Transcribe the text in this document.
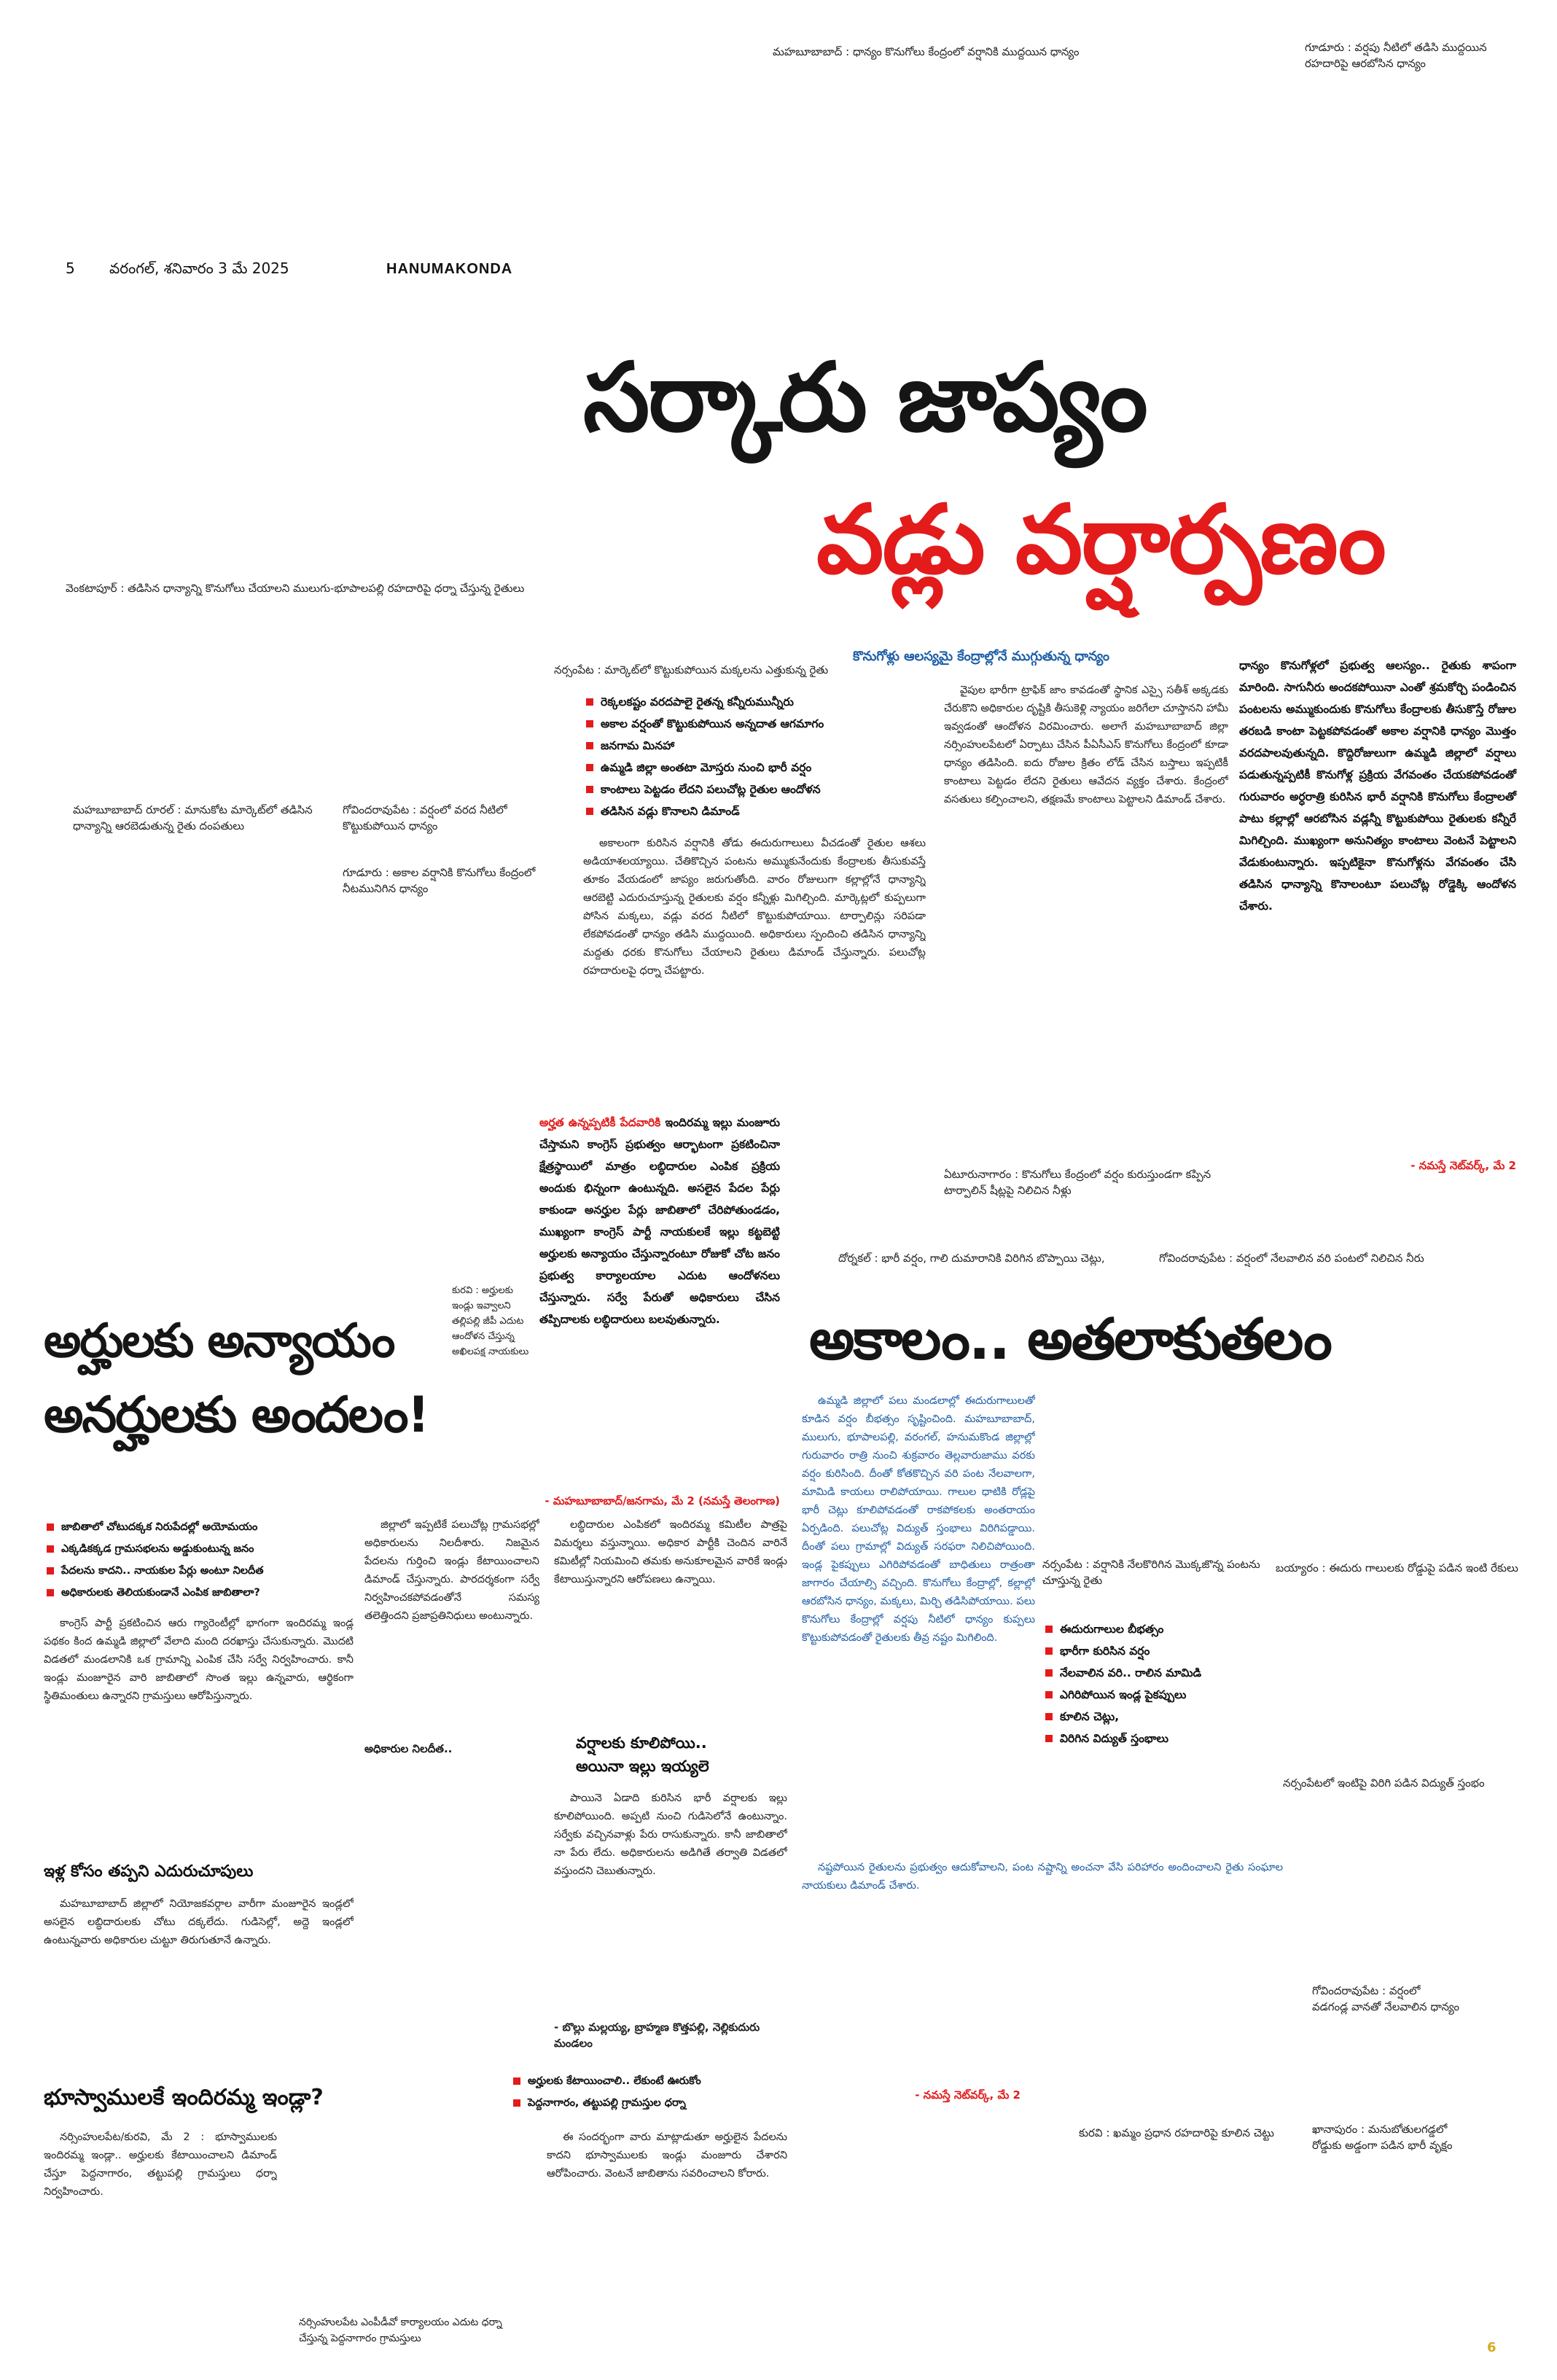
మహబూబాబాద్ : ధాన్యం కొనుగోలు కేంద్రంలో వర్షానికి ముద్దయిన ధాన్యం	గూడూరు : వర్షపు నీటిలో తడిసి ముద్దయిన
రహదారిపై ఆరబోసిన ధాన్యం
5 వరంగల్‌, శనివారం 3 మే 2025	HANUMAKONDA
సర్కారు జాప్యం
వడ్లు వర్షార్పణం
వెంకటాపూర్‌ : తడిసిన ధాన్యాన్ని కొనుగోలు చేయాలని ములుగు-భూపాలపల్లి రహదారిపై ధర్నా చేస్తున్న రైతులు
కొనుగోళ్లు ఆలస్యమై కేంద్రాల్లోనే ముగ్గుతున్న ధాన్యం
నర్సంపేట : మార్కెట్‌లో కొట్టుకుపోయిన మక్కలను ఎత్తుకున్న రైతు
రెక్కలకష్టం వరదపాలై రైతన్న కన్నీరుమున్నీరు
అకాల వర్షంతో కొట్టుకుపోయిన అన్నదాత ఆగమాగం
జనగామ మినహా
ఉమ్మడి జిల్లా అంతటా మోస్తరు నుంచి భారీ వర్షం
కాంటాలు పెట్టడం లేదని పలుచోట్ల రైతుల ఆందోళన
తడిసిన వడ్లు కొనాలని డిమాండ్‌
మహబూబాబాద్‌ రూరల్‌ : మానుకోట మార్కెట్‌లో తడిసిన ధాన్యాన్ని ఆరబెడుతున్న రైతు దంపతులు
గోవిందరావుపేట : వర్షంలో వరద నీటిలో కొట్టుకుపోయిన ధాన్యం
గూడూరు : అకాల వర్షానికి కొనుగోలు కేంద్రంలో నీటమునిగిన ధాన్యం

అకాలంగా కురిసిన వర్షానికి తోడు ఈదురుగాలులు వీచడంతో రైతుల ఆశలు అడియాశలయ్యాయి. చేతికొచ్చిన పంటను అమ్ముకునేందుకు కేంద్రాలకు తీసుకువస్తే తూకం వేయడంలో జాప్యం జరుగుతోంది. వారం రోజులుగా కల్లాల్లోనే ధాన్యాన్ని ఆరబెట్టి ఎదురుచూస్తున్న రైతులకు వర్షం కన్నీళ్లు మిగిల్చింది. మార్కెట్లలో కుప్పలుగా పోసిన మక్కలు, వడ్లు వరద నీటిలో కొట్టుకుపోయాయి. టార్పాలిన్లు సరిపడా లేకపోవడంతో ధాన్యం తడిసి ముద్దయింది. అధికారులు స్పందించి తడిసిన ధాన్యాన్ని మద్దతు ధరకు కొనుగోలు చేయాలని రైతులు డిమాండ్‌ చేస్తున్నారు. పలుచోట్ల రహదారులపై ధర్నా చేపట్టారు.

వైపుల భారీగా ట్రాఫిక్‌ జాం కావడంతో స్థానిక ఎస్సై సతీశ్‌ అక్కడకు చేరుకొని అధికారుల దృష్టికి తీసుకెళ్లి న్యాయం జరిగేలా చూస్తానని హామీ ఇవ్వడంతో ఆందోళన విరమించారు. అలాగే మహబూబాబాద్‌ జిల్లా నర్సింహులపేటలో ఏర్పాటు చేసిన పీఏసీఎస్‌ కొనుగోలు కేంద్రంలో కూడా ధాన్యం తడిసింది. ఐదు రోజుల క్రితం లోడ్‌ చేసిన బస్తాలు ఇప్పటికీ కాంటాలు పెట్టడం లేదని రైతులు ఆవేదన వ్యక్తం చేశారు. కేంద్రంలో వసతులు కల్పించాలని, తక్షణమే కాంటాలు పెట్టాలని డిమాండ్‌ చేశారు.

ఏటూరునాగారం : కొనుగోలు కేంద్రంలో వర్షం కురుస్తుండగా కప్పిన టార్పాలిన్‌ షీట్లపై నిలిచిన నీళ్లు
ధాన్యం కొనుగోళ్లలో ప్రభుత్వ ఆలస్యం.. రైతుకు శాపంగా మారింది. సాగునీరు అందకపోయినా ఎంతో శ్రమకోర్చి పండించిన పంటలను అమ్ముకుందుకు కొనుగోలు కేంద్రాలకు తీసుకొస్తే రోజుల తరబడి కాంటా పెట్టకపోవడంతో అకాల వర్షానికి ధాన్యం మొత్తం వరదపాలవుతున్నది. కొద్దిరోజులుగా ఉమ్మడి జిల్లాలో వర్షాలు పడుతున్నప్పటికీ కొనుగోళ్ల ప్రక్రియ వేగవంతం చేయకపోవడంతో గురువారం అర్ధరాత్రి కురిసిన భారీ వర్షానికి కొనుగోలు కేంద్రాలతో పాటు కల్లాల్లో ఆరబోసిన వడ్లన్నీ కొట్టుకుపోయి రైతులకు కన్నీరే మిగిల్చింది. ముఖ్యంగా అనునిత్యం కాంటాలు వెంటనే పెట్టాలని వేడుకుంటున్నారు. ఇప్పటికైనా కొనుగోళ్లను వేగవంతం చేసి తడిసిన ధాన్యాన్ని కొనాలంటూ పలుచోట్ల రోడ్డెక్కి ఆందోళన చేశారు.
- నమస్తే నెట్‌వర్క్‌, మే 2
కురవి : అర్హులకు ఇండ్లు ఇవ్వాలని తల్లిపల్లి జీపీ ఎదుట ఆందోళన చేస్తున్న అఖిలపక్ష నాయకులు
అర్హులకు అన్యాయం
అనర్హులకు అందలం!
అర్హత ఉన్నప్పటికీ పేదవారికి ఇందిరమ్మ ఇల్లు మంజూరు చేస్తామని కాంగ్రెస్‌ ప్రభుత్వం ఆర్భాటంగా ప్రకటించినా క్షేత్రస్థాయిలో మాత్రం లబ్ధిదారుల ఎంపిక ప్రక్రియ అందుకు భిన్నంగా ఉంటున్నది. అసలైన పేదల పేర్లు కాకుండా అనర్హుల పేర్లు జాబితాలో చేరిపోతుండడం, ముఖ్యంగా కాంగ్రెస్‌ పార్టీ నాయకులకే ఇల్లు కట్టబెట్టి అర్హులకు అన్యాయం చేస్తున్నారంటూ రోజుకో చోట జనం ప్రభుత్వ కార్యాలయాల ఎదుట ఆందోళనలు చేస్తున్నారు. సర్వే పేరుతో అధికారులు చేసిన తప్పిదాలకు లబ్ధిదారులు బలవుతున్నారు.
- మహబూబాబాద్‌/జనగామ, మే 2 (నమస్తే తెలంగాణ)
జాబితాలో చోటుదక్కక నిరుపేదల్లో అయోమయం
ఎక్కడికక్కడ గ్రామసభలను అడ్డుకుంటున్న జనం
పేదలను కాదని.. నాయకుల పేర్లు అంటూ నిలదీత
అధికారులకు తెలియకుండానే ఎంపిక జాబితాలా?

కాంగ్రెస్‌ పార్టీ ప్రకటించిన ఆరు గ్యారెంటీల్లో భాగంగా ఇందిరమ్మ ఇండ్ల పథకం కింద ఉమ్మడి జిల్లాలో వేలాది మంది దరఖాస్తు చేసుకున్నారు. మొదటి విడతలో మండలానికి ఒక గ్రామాన్ని ఎంపిక చేసి సర్వే నిర్వహించారు. కానీ ఇండ్లు మంజూరైన వారి జాబితాలో సొంత ఇల్లు ఉన్నవారు, ఆర్థికంగా స్థితిమంతులు ఉన్నారని గ్రామస్తులు ఆరోపిస్తున్నారు.

ఇళ్ల కోసం తప్పని ఎదురుచూపులు

మహబూబాబాద్‌ జిల్లాలో నియోజకవర్గాల వారీగా మంజూరైన ఇండ్లలో అసలైన లబ్ధిదారులకు చోటు దక్కలేదు. గుడిసెల్లో, అద్దె ఇండ్లలో ఉంటున్నవారు అధికారుల చుట్టూ తిరుగుతూనే ఉన్నారు.

జిల్లాలో ఇప్పటికే పలుచోట్ల గ్రామసభల్లో అధికారులను నిలదీశారు. నిజమైన పేదలను గుర్తించి ఇండ్లు కేటాయించాలని డిమాండ్‌ చేస్తున్నారు. పారదర్శకంగా సర్వే నిర్వహించకపోవడంతోనే సమస్య తలెత్తిందని ప్రజాప్రతినిధులు అంటున్నారు.

అధికారుల నిలదీత..

లబ్ధిదారుల ఎంపికలో ఇందిరమ్మ కమిటీల పాత్రపై విమర్శలు వస్తున్నాయి. అధికార పార్టీకి చెందిన వారినే కమిటీల్లో నియమించి తమకు అనుకూలమైన వారికే ఇండ్లు కేటాయిస్తున్నారని ఆరోపణలు ఉన్నాయి.

వర్షాలకు కూలిపోయి..
అయినా ఇల్లు ఇయ్యలె

పాయినె ఏడాది కురిసిన భారీ వర్షాలకు ఇల్లు కూలిపోయింది. అప్పటి నుంచి గుడిసెలోనే ఉంటున్నాం. సర్వేకు వచ్చినవాళ్లు పేరు రాసుకున్నారు. కానీ జాబితాలో నా పేరు లేదు. అధికారులను అడిగితే తర్వాతి విడతలో వస్తుందని చెబుతున్నారు.

- బొల్లు మల్లయ్య, బ్రాహ్మణ కొత్తపల్లి, నెల్లికుదురు మండలం
భూస్వాములకే ఇందిరమ్మ ఇండ్లా?
అర్హులకు కేటాయించాలి.. లేకుంటే ఊరుకోం
పెద్దనాగారం, తట్టుపల్లి గ్రామస్తుల ధర్నా

నర్సింహులపేట/కురవి, మే 2 : భూస్వాములకు ఇందిరమ్మ ఇండ్లా.. అర్హులకు కేటాయించాలని డిమాండ్‌ చేస్తూ పెద్దనాగారం, తట్టుపల్లి గ్రామస్తులు ధర్నా నిర్వహించారు.

నర్సింహులపేట ఎంపీడీవో కార్యాలయం ఎదుట ధర్నా చేస్తున్న పెద్దనాగారం గ్రామస్తులు

ఈ సందర్భంగా వారు మాట్లాడుతూ అర్హులైన పేదలను కాదని భూస్వాములకు ఇండ్లు మంజూరు చేశారని ఆరోపించారు. వెంటనే జాబితాను సవరించాలని కోరారు.

దోర్నకల్‌ : భారీ వర్షం, గాలి దుమారానికి విరిగిన బొప్పాయి చెట్లు,	గోవిందరావుపేట : వర్షంలో నేలవాలిన వరి పంటలో నిలిచిన నీరు
అకాలం.. అతలాకుతలం

ఉమ్మడి జిల్లాలో పలు మండలాల్లో ఈదురుగాలులతో కూడిన వర్షం బీభత్సం సృష్టించింది. మహబూబాబాద్‌, ములుగు, భూపాలపల్లి, వరంగల్‌, హనుమకొండ జిల్లాల్లో గురువారం రాత్రి నుంచి శుక్రవారం తెల్లవారుజాము వరకు వర్షం కురిసింది. దీంతో కోతకొచ్చిన వరి పంట నేలవాలగా, మామిడి కాయలు రాలిపోయాయి. గాలుల ధాటికి రోడ్లపై భారీ చెట్లు కూలిపోవడంతో రాకపోకలకు అంతరాయం ఏర్పడింది. పలుచోట్ల విద్యుత్‌ స్తంభాలు విరిగిపడ్డాయి. దీంతో పలు గ్రామాల్లో విద్యుత్‌ సరఫరా నిలిచిపోయింది. ఇండ్ల పైకప్పులు ఎగిరిపోవడంతో బాధితులు రాత్రంతా జాగారం చేయాల్సి వచ్చింది. కొనుగోలు కేంద్రాల్లో, కల్లాల్లో ఆరబోసిన ధాన్యం, మక్కలు, మిర్చి తడిసిపోయాయి. పలు కొనుగోలు కేంద్రాల్లో వర్షపు నీటిలో ధాన్యం కుప్పలు కొట్టుకుపోవడంతో రైతులకు తీవ్ర నష్టం మిగిలింది.

నష్టపోయిన రైతులను ప్రభుత్వం ఆదుకోవాలని, పంట నష్టాన్ని అంచనా వేసి పరిహారం అందించాలని రైతు సంఘాల నాయకులు డిమాండ్‌ చేశారు.

- నమస్తే నెట్‌వర్క్‌, మే 2
నర్సంపేట : వర్షానికి నేలకొరిగిన మొక్కజొన్న పంటను చూస్తున్న రైతు
బయ్యారం : ఈదురు గాలులకు రోడ్డుపై పడిన ఇంటి రేకులు
ఈదురుగాలుల బీభత్సం
భారీగా కురిసిన వర్షం
నేలవాలిన వరి.. రాలిన మామిడి
ఎగిరిపోయిన ఇండ్ల పైకప్పులు
కూలిన చెట్లు,
విరిగిన విద్యుత్‌ స్తంభాలు
నర్సంపేటలో ఇంటిపై విరిగి పడిన విద్యుత్‌ స్తంభం
గోవిందరావుపేట : వర్షంలో
వడగండ్ల వానతో నేలవాలిన ధాన్యం
కురవి : ఖమ్మం ప్రధాన రహదారిపై కూలిన చెట్టు	ఖానాపురం : మనుబోతులగడ్డలో
రోడ్డుకు అడ్డంగా పడిన భారీ వృక్షం
6
